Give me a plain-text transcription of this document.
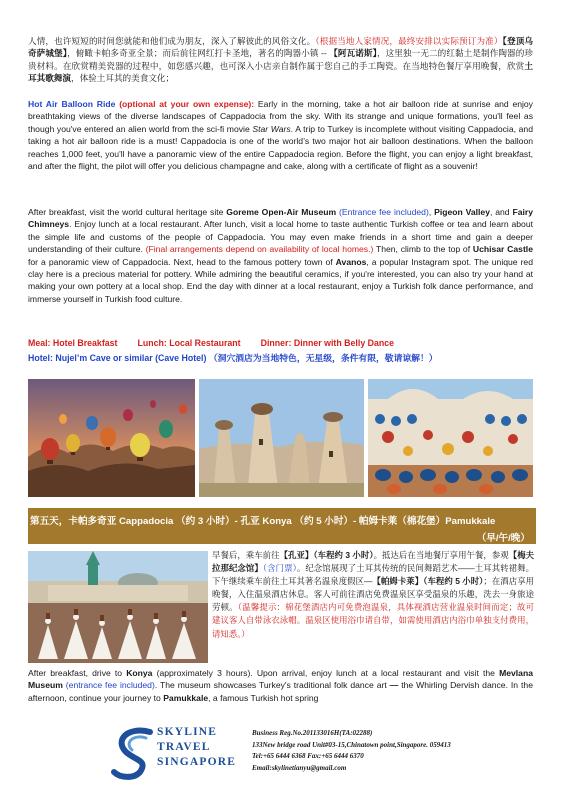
人情，也许短短的时间您就能和他们成为朋友，深入了解彼此的风俗文化。（根据当地人家情况，最终安排以实际预订为准）【登顶乌奇萨城堡】，俯瞰卡帕多奇亚全景；而后前往网红打卡圣地，著名的陶器小镇 -- 【阿瓦诺斯】，这里独一无二的红黏土是制作陶器的珍贵材料。在欣赏精美瓷器的过程中，如您感兴趣，也可深入小店亲自制作属于您自己的手工陶瓷。在当地特色餐厅享用晚餐，欣赏土耳其歌舞演，体验土耳其的美食文化；

Hot Air Balloon Ride (optional at your own expense): Early in the morning, take a hot air balloon ride at sunrise and enjoy breathtaking views of the diverse landscapes of Cappadocia from the sky. With its strange and unique formations, you'll feel as though you've entered an alien world from the sci-fi movie Star Wars. A trip to Turkey is incomplete without visiting Cappadocia, and taking a hot air balloon ride is a must! Cappadocia is one of the world’s two major hot air balloon destinations. When the balloon reaches 1,000 feet, you'll have a panoramic view of the entire Cappadocia region. Before the flight, you can enjoy a light breakfast, and after the flight, the pilot will offer you delicious champagne and cake, along with a certificate of flight as a souvenir!

After breakfast, visit the world cultural heritage site Goreme Open-Air Museum (Entrance fee included), Pigeon Valley, and Fairy Chimneys. Enjoy lunch at a local restaurant. After lunch, visit a local home to taste authentic Turkish coffee or tea and learn about the simple life and customs of the people of Cappadocia. You may even make friends in a short time and gain a deeper understanding of their culture. (Final arrangements depend on availability of local homes.) Then, climb to the top of Uchisar Castle for a panoramic view of Cappadocia. Next, head to the famous pottery town of Avanos, a popular Instagram spot. The unique red clay here is a precious material for pottery. While admiring the beautiful ceramics, if you're interested, you can also try your hand at making your own pottery at a local shop. End the day with dinner at a local restaurant, enjoy a Turkish folk dance performance, and immerse yourself in Turkish food culture.

Meal: Hotel Breakfast Lunch: Local Restaurant Dinner: Dinner with Belly Dance
Hotel: Nujel’m Cave or similar (Cave Hotel) （洞穴酒店为当地特色，无星级，条件有限，敬请谅解！）
第五天，卡帕多奇亚 Cappadocia （约 3 小时）- 孔亚 Konya （约 5 小时）- 帕姆卡莱（棉花堡）Pamukkale
（早/午/晚）

早餐后，乘车前往【孔亚】（车程约 3 小时）。抵达后在当地餐厅享用午餐，参观【梅夫拉那纪念馆】（含门票）。纪念馆展现了土耳其传统的民间舞蹈艺术——土耳其转裙舞。下午继续乘车前往土耳其著名温泉度假区—【帕姆卡莱】（车程约 5 小时）；在酒店享用晚餐，入住温泉酒店休息。客人可前往酒店免费温泉区享受温泉的乐趣，洗去一身旅途劳顿。（温馨提示：棉花堡酒店内可免费泡温泉，具体视酒店营业温泉时间而定；故可建议客人自带泳衣泳帽。温泉区使用浴巾请自带，如需使用酒店内浴巾单独支付费用，请知悉。）

After breakfast, drive to Konya (approximately 3 hours). Upon arrival, enjoy lunch at a local restaurant and visit the Mevlana Museum (entrance fee included). The museum showcases Turkey's traditional folk dance art — the Whirling Dervish dance. In the afternoon, continue your journey to Pamukkale, a famous Turkish hot spring

SKYLINE
TRAVEL
SINGAPORE
Business Reg.No.201133016H(TA:02288)
133New bridge road Unit#03-15,Chinatown point,Singapore. 059413
Tel:+65 6444 6368 Fax:+65 6444 6370
Email:skylinetianyu@gmail.com
